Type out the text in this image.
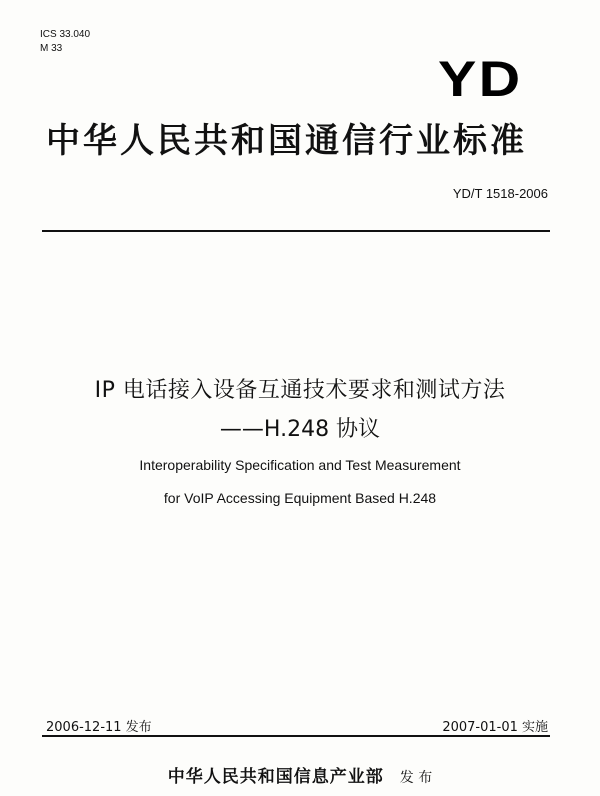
ICS 33.040
M 33
YD
中华人民共和国通信行业标准
YD/T 1518-2006
IP 电话接入设备互通技术要求和测试方法
——H.248 协议
Interoperability Specification and Test Measurement
for VoIP Accessing Equipment Based H.248
2006-12-11 发布	2007-01-01 实施
中华人民共和国信息产业部 发 布
